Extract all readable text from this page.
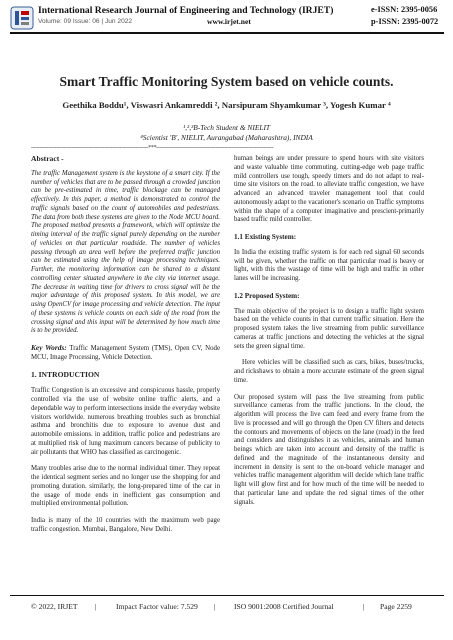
International Research Journal of Engineering and Technology (IRJET)	e-ISSN: 2395-0056
Volume: 09 Issue: 06 | Jun 2022	www.irjet.net	p-ISSN: 2395-0072
Smart Traffic Monitoring System based on vehicle counts.
Geethika Boddu¹, Viswasri Ankamreddi ², Narsipuram Shyamkumar ³, Yogesh Kumar ⁴
¹,²,³B-Tech Student & NIELIT
⁴Scientist 'B', NIELIT, Aurangabad (Maharashtra), INDIA
---------------------------------------------------------------------***---------------------------------------------------------------------
Abstract -

The traffic Management system is the keystone of a smart city. If the number of vehicles that are to be passed through a crowded junction can be pre-estimated in time, traffic blockage can be managed effectively. In this paper, a method is demonstrated to control the traffic signals based on the count of automobiles and pedestrians. The data from both these systems are given to the Node MCU board. The proposed method presents a framework, which will optimize the timing interval of the traffic signal purely depending on the number of vehicles on that particular roadside. The number of vehicles passing through an area well before the preferred traffic junction can be estimated using the help of image processing techniques. Further, the monitoring information can be shared to a distant controlling center situated anywhere in the city via internet usage. The decrease in waiting time for drivers to cross signal will be the major advantage of this proposed system. In this model, we are using OpenCV for image processing and vehicle detection. The input of these systems is vehicle counts on each side of the road from the crossing signal and this input will be determined by how much time is to be provided.

Key Words: Traffic Management System (TMS), Open CV, Node MCU, Image Processing, Vehicle Detection.

1. INTRODUCTION

Traffic Congestion is an excessive and conspicuous hassle, properly controlled via the use of website online traffic alerts, and a dependable way to perform intersections inside the everyday website visitors worldwide. numerous breathing troubles such as bronchial asthma and bronchitis due to exposure to avenue dust and automobile emissions. in addition, traffic police and pedestrians are at multiplied risk of lung maximum cancers because of publicity to air pollutants that WHO has classified as carcinogenic.

Many troubles arise due to the normal individual timer. They repeat the identical segment series and no longer use the shopping for and promoting duration. similarly, the long-prepared time of the car in the usage of mode ends in inefficient gas consumption and multiplied environmental pollution.

India is many of the 10 countries with the maximum web page traffic congestion. Mumbai, Bangalore, New Delhi.

human beings are under pressure to spend hours with site visitors and waste valuable time commuting. cutting-edge web page traffic mild controllers use tough, speedy timers and do not adapt to real-time site visitors on the road. to alleviate traffic congestion, we have advanced an advanced traveler management tool that could autonomously adapt to the vacationer's scenario on Traffic symptoms within the shape of a computer imaginative and prescient-primarily based traffic mild controller.

1.1 Existing System:

In India the existing traffic system is for each red signal 60 seconds will be given, whether the traffic on that particular road is heavy or light, with this the wastage of time will be high and traffic in other lanes will be increasing.

1.2 Proposed System:

The main objective of the project is to design a traffic light system based on the vehicle counts in that current traffic situation. Here the proposed system takes the live streaming from public surveillance cameras at traffic junctions and detecting the vehicles at the signal sets the green signal time.

Here vehicles will be classified such as cars, bikes, buses/trucks, and rickshaws to obtain a more accurate estimate of the green signal time.

Our proposed system will pass the live streaming from public surveillance cameras from the traffic junctions. In the cloud, the algorithm will process the live cam feed and every frame from the live is processed and will go through the Open CV filters and detects the contours and movements of objects on the lane (road) in the feed and considers and distinguishes it as vehicles, animals and human beings which are taken into account and density of the traffic is defined and the magnitude of the instantaneous density and increment in density is sent to the on-board vehicle manager and vehicles traffic management algorithm will decide which lane traffic light will glow first and for how much of the time will be needed to that particular lane and update the red signal times of the other signals.

© 2022, IRJET |	Impact Factor value: 7.529 | ISO 9001:2008 Certified Journal	| Page 2259
